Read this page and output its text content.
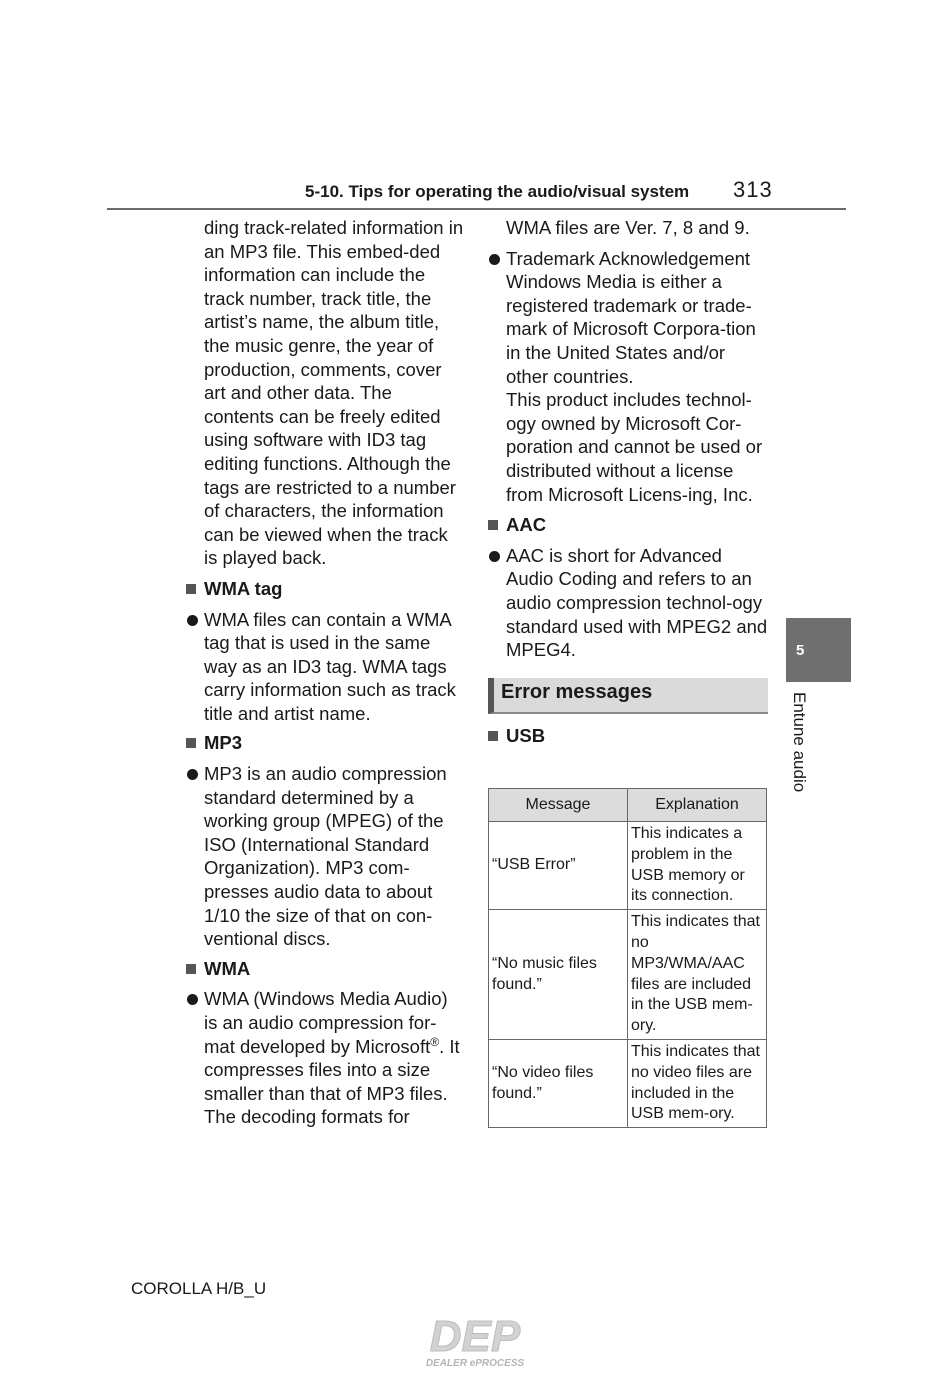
5-10. Tips for operating the audio/visual system 313

ding track-related information in an MP3 file. This embed-ded information can include the track number, track title, the artist’s name, the album title, the music genre, the year of production, comments, cover art and other data. The contents can be freely edited using software with ID3 tag editing functions. Although the tags are restricted to a number of characters, the information can be viewed when the track is played back.

WMA tag

WMA files can contain a WMA tag that is used in the same way as an ID3 tag. WMA tags carry information such as track title and artist name.

MP3

MP3 is an audio compression standard determined by a working group (MPEG) of the ISO (International Standard Organization). MP3 com-presses audio data to about 1/10 the size of that on con-ventional discs.

WMA

WMA (Windows Media Audio) is an audio compression for-mat developed by Microsoft®. It compresses files into a size smaller than that of MP3 files. The decoding formats for

WMA files are Ver. 7, 8 and 9.

Trademark Acknowledgement Windows Media is either a registered trademark or trade-mark of Microsoft Corpora-tion in the United States and/or other countries.

This product includes technol-ogy owned by Microsoft Cor-poration and cannot be used or distributed without a license from Microsoft Licens-ing, Inc.

AAC

AAC is short for Advanced Audio Coding and refers to an audio compression technol-ogy standard used with MPEG2 and MPEG4.

Error messages

USB

Message	Explanation
“USB Error”	This indicates a problem in the USB memory or its connection.
“No music files found.”	This indicates that no MP3/WMA/AAC files are included in the USB mem-ory.
“No video files found.”	This indicates that no video files are included in the USB mem-ory.
5
Entune audio
COROLLA H/B_U
DEP
DEALER ePROCESS
